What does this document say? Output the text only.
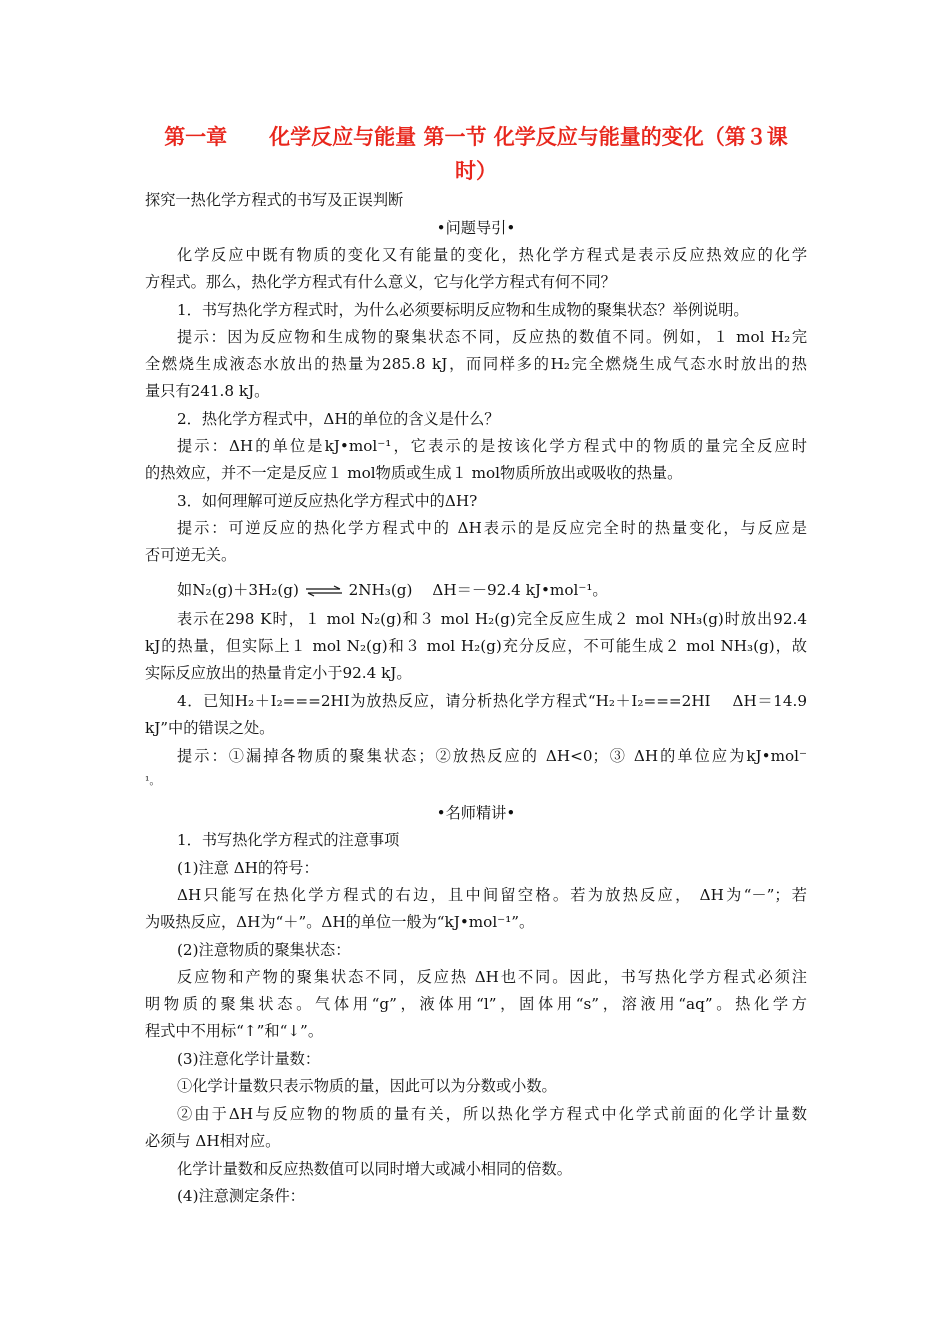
第一章　　化学反应与能量 第一节 化学反应与能量的变化（第３课
时）
探究一热化学方程式的书写及正误判断
•问题导引•
化学反应中既有物质的变化又有能量的变化，热化学方程式是表示反应热效应的化学
方程式。那么，热化学方程式有什么意义，它与化学方程式有何不同？
1．书写热化学方程式时，为什么必须要标明反应物和生成物的聚集状态？举例说明。
提示：因为反应物和生成物的聚集状态不同，反应热的数值不同。例如，１ mol H₂完
全燃烧生成液态水放出的热量为285.8 kJ，而同样多的H₂完全燃烧生成气态水时放出的热
量只有241.8 kJ。
2．热化学方程式中，ΔH的单位的含义是什么？
提示：ΔH的单位是kJ•mol⁻¹，它表示的是按该化学方程式中的物质的量完全反应时
的热效应，并不一定是反应１ mol物质或生成１ mol物质所放出或吸收的热量。
3．如何理解可逆反应热化学方程式中的ΔH?
提示：可逆反应的热化学方程式中的 ΔH表示的是反应完全时的热量变化，与反应是
否可逆无关。
如N₂(g)＋3H₂(g) ⇌ 2NH₃(g)　 ΔH＝－92.4 kJ•mol⁻¹。
表示在298 K时，１ mol N₂(g)和３ mol H₂(g)完全反应生成２ mol NH₃(g)时放出92.4
kJ的热量，但实际上１ mol N₂(g)和３ mol H₂(g)充分反应，不可能生成２ mol NH₃(g)，故
实际反应放出的热量肯定小于92.4 kJ。
4．已知H₂＋I₂===2HI为放热反应，请分析热化学方程式“H₂＋I₂===2HI　 ΔH＝14.9
kJ”中的错误之处。
提示：①漏掉各物质的聚集状态；②放热反应的 ΔH<0；③ ΔH的单位应为kJ•mol⁻
¹。
•名师精讲•
1．书写热化学方程式的注意事项
(1)注意 ΔH的符号：
ΔH只能写在热化学方程式的右边，且中间留空格。若为放热反应， ΔH为“－”；若
为吸热反应，ΔH为“＋”。ΔH的单位一般为“kJ•mol⁻¹”。
(2)注意物质的聚集状态：
反应物和产物的聚集状态不同，反应热 ΔH也不同。因此，书写热化学方程式必须注
明物质的聚集状态。气体用“g”，液体用“l”，固体用“s”，溶液用“aq”。热化学方
程式中不用标“↑”和“↓”。
(3)注意化学计量数：
①化学计量数只表示物质的量，因此可以为分数或小数。
②由于ΔH与反应物的物质的量有关，所以热化学方程式中化学式前面的化学计量数
必须与 ΔH相对应。
化学计量数和反应热数值可以同时增大或减小相同的倍数。
(4)注意测定条件：
